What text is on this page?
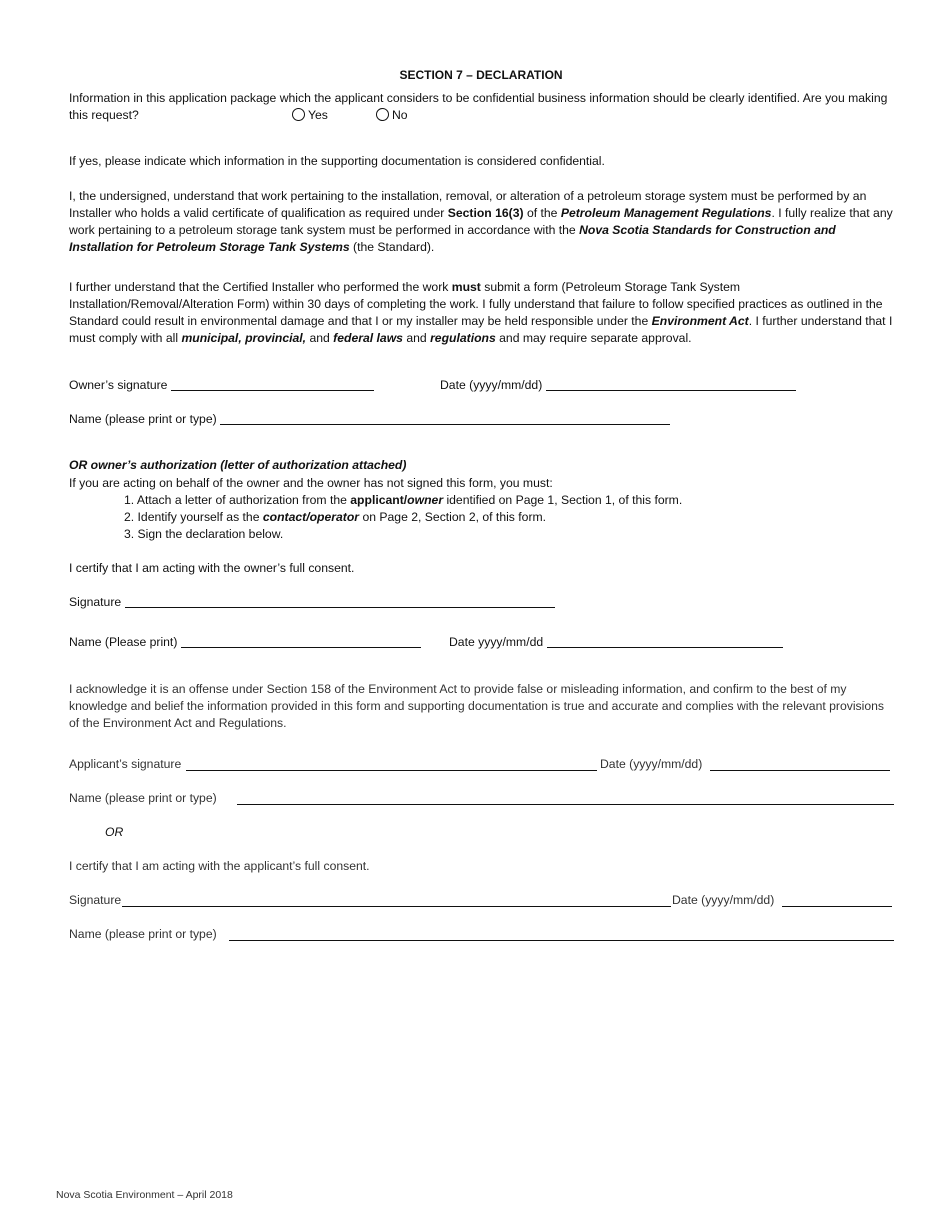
SECTION 7 – DECLARATION
Information in this application package which the applicant considers to be confidential business information should be clearly identified. Are you making this request?	Yes	No
If yes, please indicate which information in the supporting documentation is considered confidential.
I, the undersigned, understand that work pertaining to the installation, removal, or alteration of a petroleum storage system must be performed by an Installer who holds a valid certificate of qualification as required under Section 16(3) of the Petroleum Management Regulations. I fully realize that any work pertaining to a petroleum storage tank system must be performed in accordance with the Nova Scotia Standards for Construction and Installation for Petroleum Storage Tank Systems (the Standard).
I further understand that the Certified Installer who performed the work must submit a form (Petroleum Storage Tank System Installation/Removal/Alteration Form) within 30 days of completing the work. I fully understand that failure to follow specified practices as outlined in the Standard could result in environmental damage and that I or my installer may be held responsible under the Environment Act. I further understand that I must comply with all municipal, provincial, and federal laws and regulations and may require separate approval.
Owner’s signature	Date (yyyy/mm/dd)
Name (please print or type)
OR owner’s authorization (letter of authorization attached)
If you are acting on behalf of the owner and the owner has not signed this form, you must:
1. Attach a letter of authorization from the applicant/owner identified on Page 1, Section 1, of this form.
2. Identify yourself as the contact/operator on Page 2, Section 2, of this form.
3. Sign the declaration below.
I certify that I am acting with the owner’s full consent.
Signature
Name (Please print)	Date yyyy/mm/dd
I acknowledge it is an offense under Section 158 of the Environment Act to provide false or misleading information, and confirm to the best of my knowledge and belief the information provided in this form and supporting documentation is true and accurate and complies with the relevant provisions of the Environment Act and Regulations.
Applicant’s signature	Date (yyyy/mm/dd)
Name (please print or type)
OR
I certify that I am acting with the applicant’s full consent.
Signature	Date (yyyy/mm/dd)
Name (please print or type)
Nova Scotia Environment – April 2018
